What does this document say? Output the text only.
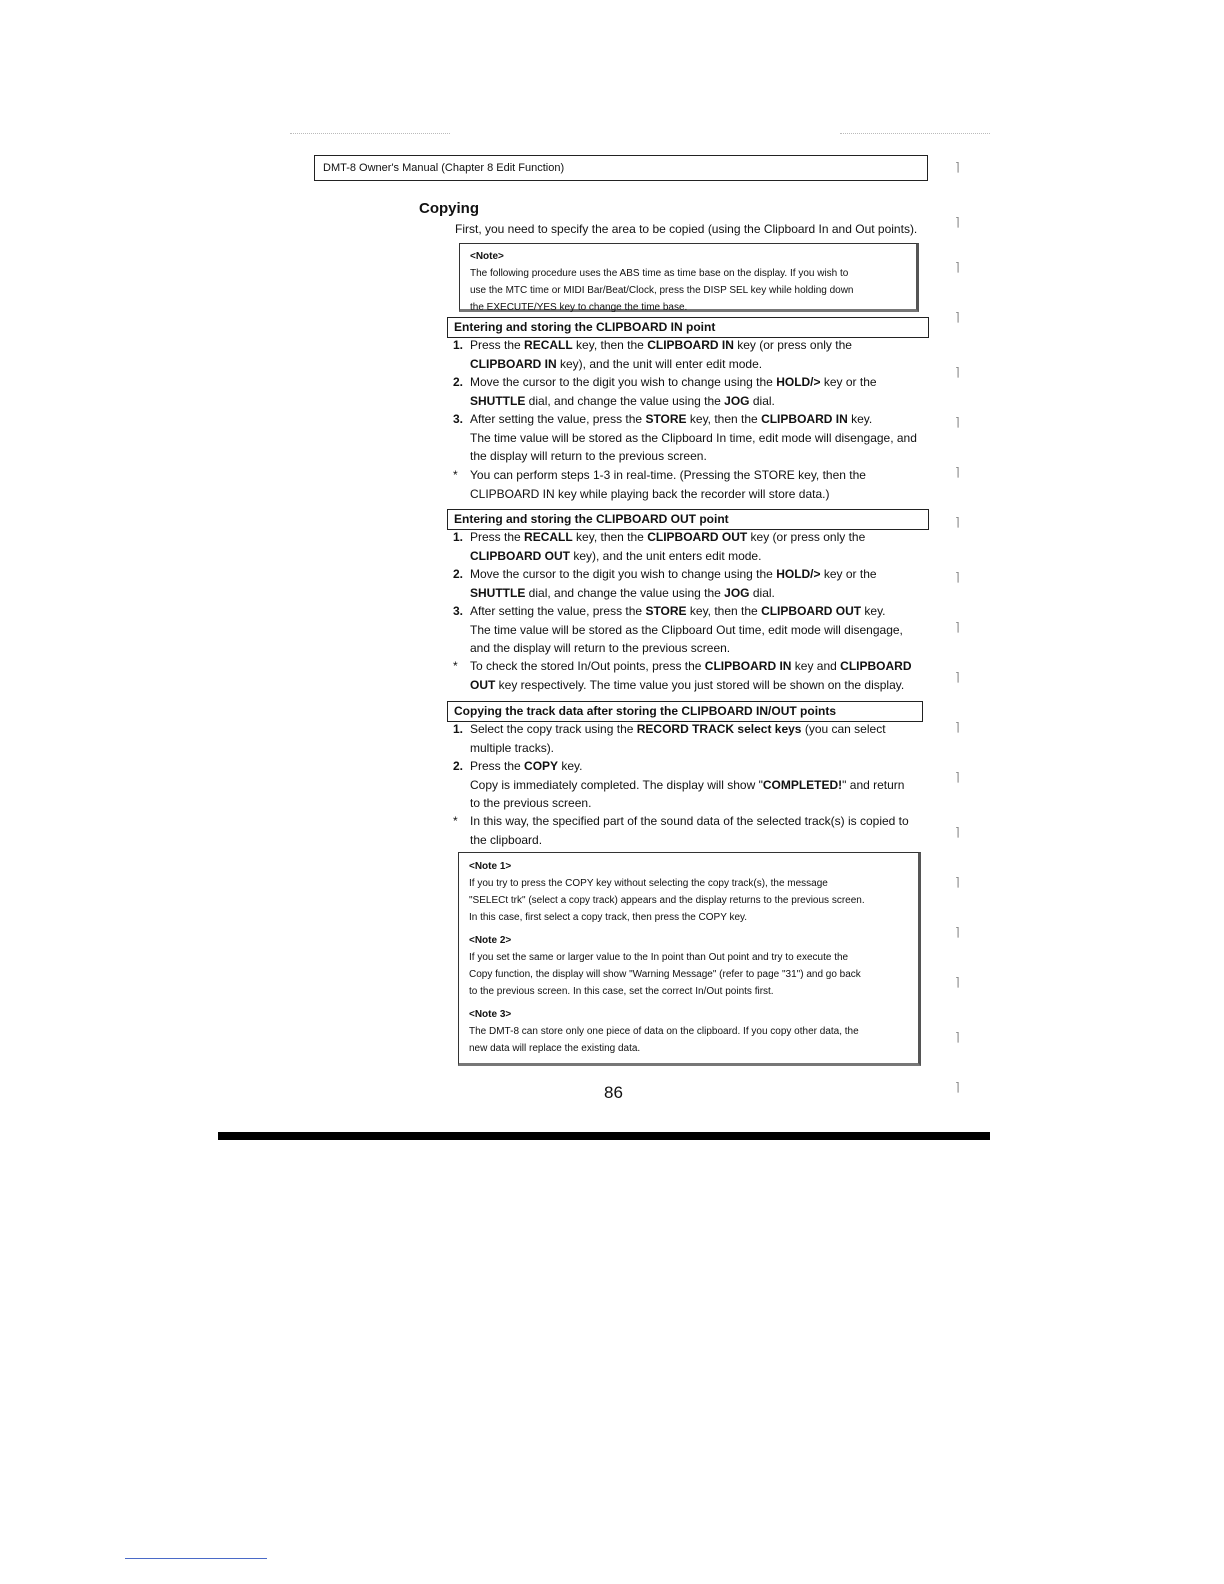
DMT-8 Owner's Manual (Chapter 8 Edit Function)
Copying
First, you need to specify the area to be copied (using the Clipboard In and Out points).
<Note>
The following procedure uses the ABS time as time base on the display. If you wish to
use the MTC time or MIDI Bar/Beat/Clock, press the DISP SEL key while holding down
the EXECUTE/YES key to change the time base.
Entering and storing the CLIPBOARD IN point
1. Press the RECALL key, then the CLIPBOARD IN key (or press only the
CLIPBOARD IN key), and the unit will enter edit mode.
2. Move the cursor to the digit you wish to change using the HOLD/> key or the
SHUTTLE dial, and change the value using the JOG dial.
3. After setting the value, press the STORE key, then the CLIPBOARD IN key.
The time value will be stored as the Clipboard In time, edit mode will disengage, and
the display will return to the previous screen.
* You can perform steps 1-3 in real-time. (Pressing the STORE key, then the
CLIPBOARD IN key while playing back the recorder will store data.)
Entering and storing the CLIPBOARD OUT point
1. Press the RECALL key, then the CLIPBOARD OUT key (or press only the
CLIPBOARD OUT key), and the unit enters edit mode.
2. Move the cursor to the digit you wish to change using the HOLD/> key or the
SHUTTLE dial, and change the value using the JOG dial.
3. After setting the value, press the STORE key, then the CLIPBOARD OUT key.
The time value will be stored as the Clipboard Out time, edit mode will disengage,
and the display will return to the previous screen.
* To check the stored In/Out points, press the CLIPBOARD IN key and CLIPBOARD
OUT key respectively. The time value you just stored will be shown on the display.
Copying the track data after storing the CLIPBOARD IN/OUT points
1. Select the copy track using the RECORD TRACK select keys (you can select
multiple tracks).
2. Press the COPY key.
Copy is immediately completed. The display will show "COMPLETED!" and return
to the previous screen.
* In this way, the specified part of the sound data of the selected track(s) is copied to
the clipboard.
<Note 1>
If you try to press the COPY key without selecting the copy track(s), the message
"SELECt trk" (select a copy track) appears and the display returns to the previous screen.
In this case, first select a copy track, then press the COPY key.
<Note 2>
If you set the same or larger value to the In point than Out point and try to execute the
Copy function, the display will show "Warning Message" (refer to page "31") and go back
to the previous screen. In this case, set the correct In/Out points first.
<Note 3>
The DMT-8 can store only one piece of data on the clipboard. If you copy other data, the
new data will replace the existing data.
86
⌉
⌉
⌉
⌉
⌉
⌉
⌉
⌉
⌉
⌉
⌉
⌉
⌉
⌉
⌉
⌉
⌉
⌉
⌉
